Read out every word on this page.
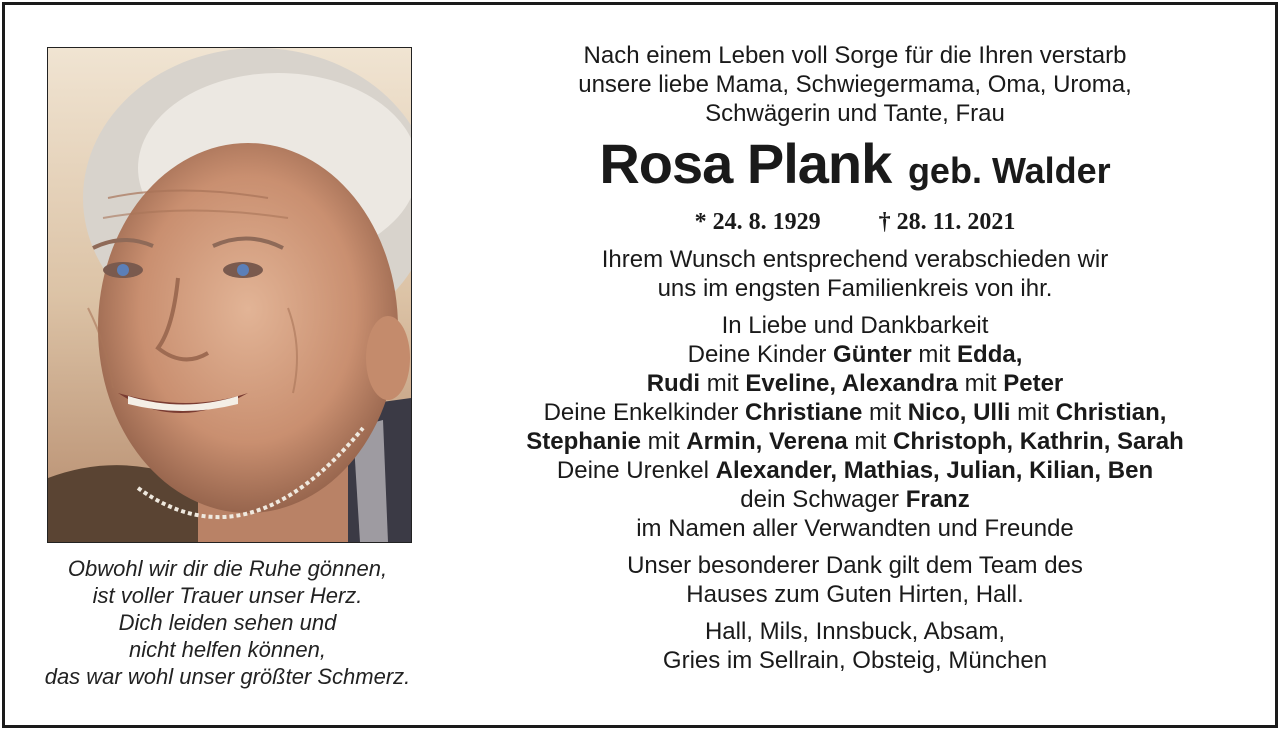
Obwohl wir dir die Ruhe gönnen,
ist voller Trauer unser Herz.
Dich leiden sehen und
nicht helfen können,
das war wohl unser größter Schmerz.
Nach einem Leben voll Sorge für die Ihren verstarb
unsere liebe Mama, Schwiegermama, Oma, Uroma,
Schwägerin und Tante, Frau
Rosa Plank geb. Walder
* 24. 8. 1929 † 28. 11. 2021
Ihrem Wunsch entsprechend verabschieden wir
uns im engsten Familienkreis von ihr.
In Liebe und Dankbarkeit
Deine Kinder Günter mit Edda,
Rudi mit Eveline, Alexandra mit Peter
Deine Enkelkinder Christiane mit Nico, Ulli mit Christian,
Stephanie mit Armin, Verena mit Christoph, Kathrin, Sarah
Deine Urenkel Alexander, Mathias, Julian, Kilian, Ben
dein Schwager Franz
im Namen aller Verwandten und Freunde
Unser besonderer Dank gilt dem Team des
Hauses zum Guten Hirten, Hall.
Hall, Mils, Innsbuck, Absam,
Gries im Sellrain, Obsteig, München
